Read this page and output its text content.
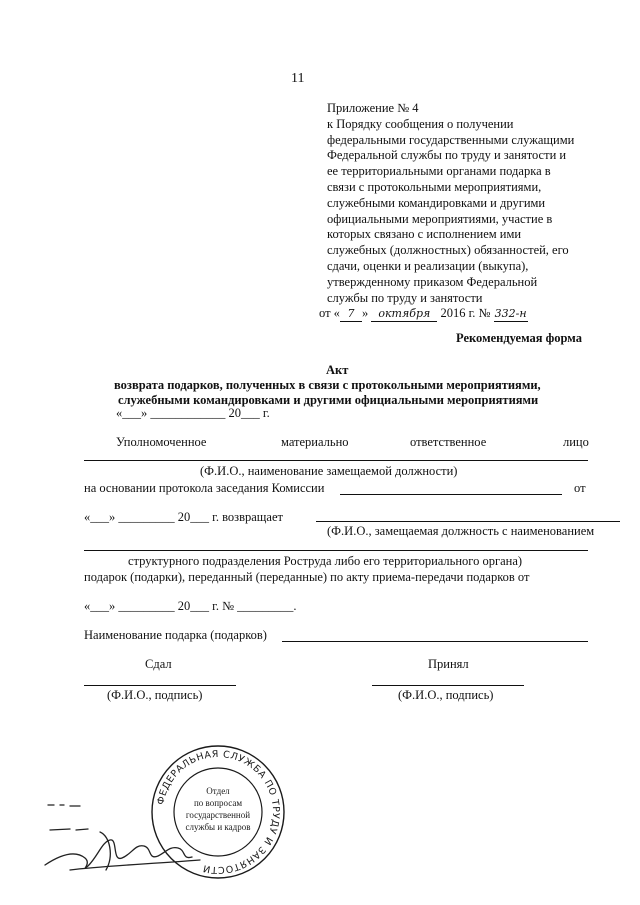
11
Приложение № 4
к Порядку сообщения о получении
федеральными государственными служащими
Федеральной службы по труду и занятости и
ее территориальными органами подарка в
связи с протокольными мероприятиями,
служебными командировками и другими
официальными мероприятиями, участие в
которых связано с исполнением ими
служебных (должностных) обязанностей, его
сдачи, оценки и реализации (выкупа),
утвержденному приказом Федеральной
службы по труду и занятости
от « 7 » октября 2016 г. № 332-н
Рекомендуемая форма
Акт
возврата подарков, полученных в связи с протокольными мероприятиями,
служебными командировками и другими официальными мероприятиями
«___» ____________ 20___ г.
Уполномоченное	материально	ответственное	лицо
(Ф.И.О., наименование замещаемой должности)
на основании протокола заседания Комиссии	от
«___» _________ 20___ г. возвращает
(Ф.И.О., замещаемая должность с наименованием
структурного подразделения Роструда либо его территориального органа)
подарок (подарки), переданный (переданные) по акту приема-передачи подарков от
«___» _________ 20___ г. № _________.
Наименование подарка (подарков)
Сдал	Принял
(Ф.И.О., подпись)	(Ф.И.О., подпись)
ФЕДЕРАЛЬНАЯ СЛУЖБА ПО ТРУДУ И ЗАНЯТОСТИ
Отдел
по вопросам
государственной
службы и кадров
